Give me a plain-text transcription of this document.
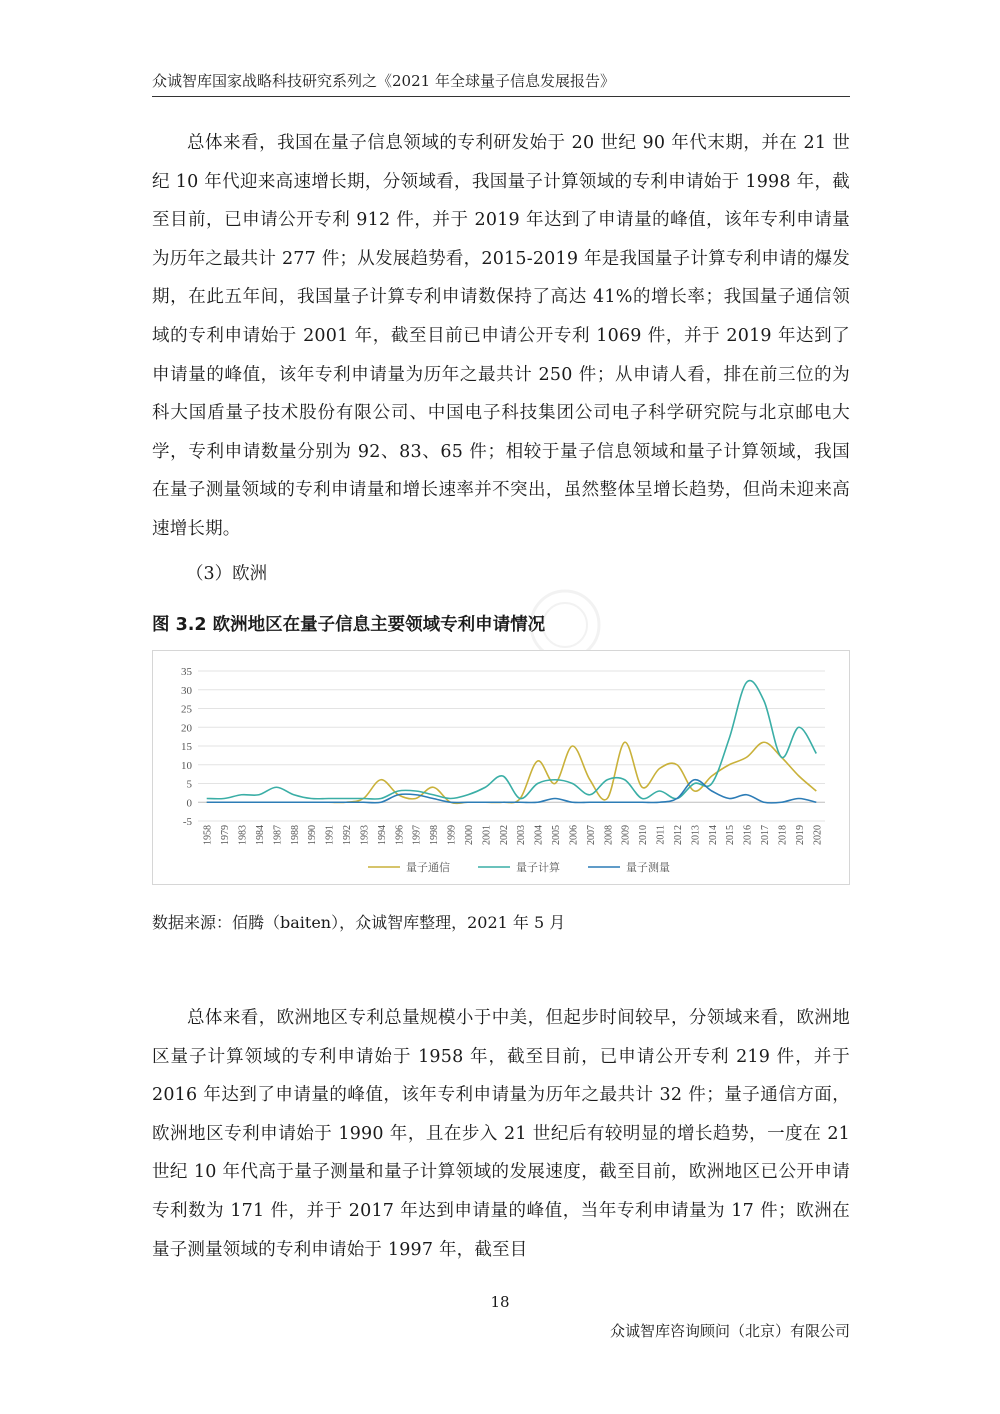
众诚智库国家战略科技研究系列之《2021 年全球量子信息发展报告》

总体来看，我国在量子信息领域的专利研发始于 20 世纪 90 年代末期，并在 21 世纪 10 年代迎来高速增长期，分领域看，我国量子计算领域的专利申请始于 1998 年，截至目前，已申请公开专利 912 件，并于 2019 年达到了申请量的峰值，该年专利申请量为历年之最共计 277 件；从发展趋势看，2015-2019 年是我国量子计算专利申请的爆发期，在此五年间，我国量子计算专利申请数保持了高达 41%的增长率；我国量子通信领域的专利申请始于 2001 年，截至目前已申请公开专利 1069 件，并于 2019 年达到了申请量的峰值，该年专利申请量为历年之最共计 250 件；从申请人看，排在前三位的为科大国盾量子技术股份有限公司、中国电子科技集团公司电子科学研究院与北京邮电大学，专利申请数量分别为 92、83、65 件；相较于量子信息领域和量子计算领域，我国在量子测量领域的专利申请量和增长速率并不突出，虽然整体呈增长趋势，但尚未迎来高速增长期。

（3）欧洲
图 3.2 欧洲地区在量子信息主要领域专利申请情况
-5
0
5
10
15
20
25
30
35
1958 1979 1983 1984 1987 1988 1990 1991 1992 1993 1994 1996 1997 1998 1999 2000 2001 2002 2003 2004 2005 2006 2007 2008 2009 2010 2011 2012 2013 2014 2015 2016 2017 2018 2019 2020
量子通信	量子计算	量子测量
数据来源：佰腾（baiten），众诚智库整理，2021 年 5 月

总体来看，欧洲地区专利总量规模小于中美，但起步时间较早，分领域来看，欧洲地区量子计算领域的专利申请始于 1958 年，截至目前，已申请公开专利 219 件，并于 2016 年达到了申请量的峰值，该年专利申请量为历年之最共计 32 件；量子通信方面，欧洲地区专利申请始于 1990 年，且在步入 21 世纪后有较明显的增长趋势，一度在 21 世纪 10 年代高于量子测量和量子计算领域的发展速度，截至目前，欧洲地区已公开申请专利数为 171 件，并于 2017 年达到申请量的峰值，当年专利申请量为 17 件；欧洲在量子测量领域的专利申请始于 1997 年，截至目

18
众诚智库咨询顾问（北京）有限公司
